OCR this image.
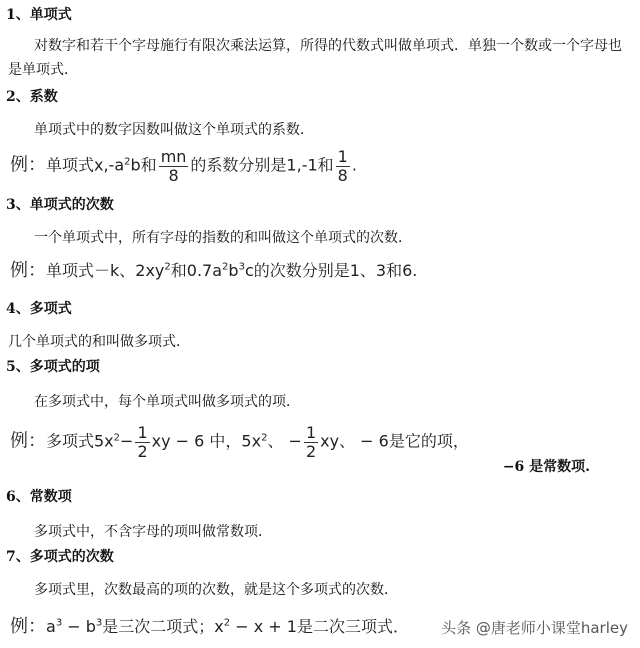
1、单项式
对数字和若干个字母施行有限次乘法运算，所得的代数式叫做单项式．单独一个数或一个字母也是单项式．
2、系数
单项式中的数字因数叫做这个单项式的系数．
例：单项式$x,-a^2b$和 $\frac{mn}{8}$ 的系数分别是1,-1和 $\frac{1}{8}$ .
3、单项式的次数
一个单项式中，所有字母的指数的和叫做这个单项式的次数．
例：单项式－k、$2xy^2$和$0.7a^2b^3c$的次数分别是1、3和6.
4、多项式
几个单项式的和叫做多项式．
5、多项式的项
在多项式中，每个单项式叫做多项式的项．
例：多项式$5x^2- \frac{1}{2}$ xy − 6 中，$5x^2$、 − $\frac{1}{2}$ xy、 − 6是它的项，
−6 是常数项.
6、常数项
多项式中，不含字母的项叫做常数项．
7、多项式的次数
多项式里，次数最高的项的次数，就是这个多项式的次数．
例：$a^3 - b^3$是三次二项式；$x^2 - x + 1$是二次三项式．	头条 @唐老师小课堂harley
